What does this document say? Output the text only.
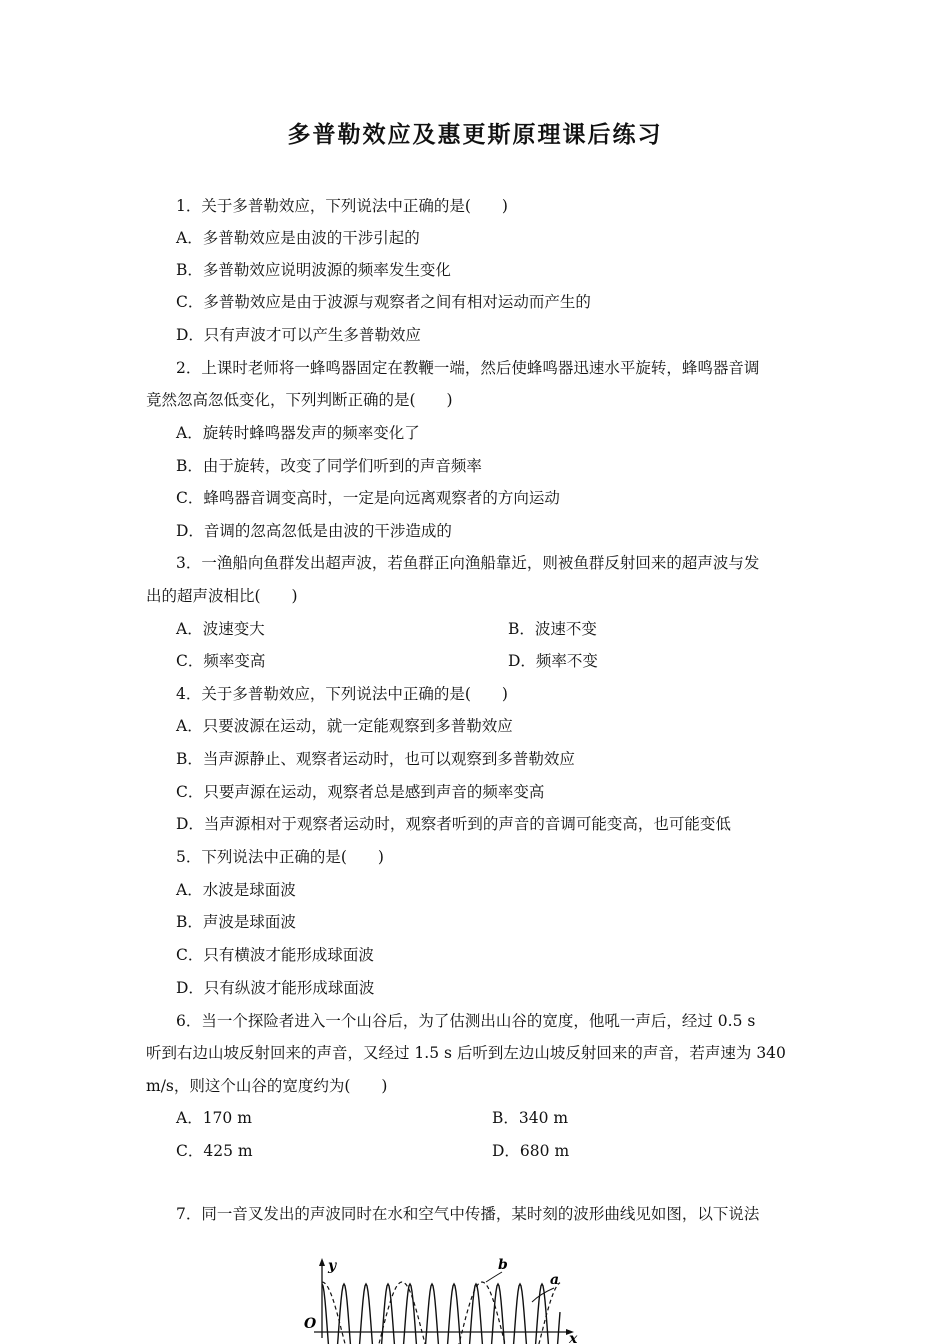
多普勒效应及惠更斯原理课后练习
1．关于多普勒效应，下列说法中正确的是(　　)
A．多普勒效应是由波的干涉引起的
B．多普勒效应说明波源的频率发生变化
C．多普勒效应是由于波源与观察者之间有相对运动而产生的
D．只有声波才可以产生多普勒效应
2．上课时老师将一蜂鸣器固定在教鞭一端，然后使蜂鸣器迅速水平旋转，蜂鸣器音调
竟然忽高忽低变化，下列判断正确的是(　　)
A．旋转时蜂鸣器发声的频率变化了
B．由于旋转，改变了同学们听到的声音频率
C．蜂鸣器音调变高时，一定是向远离观察者的方向运动
D．音调的忽高忽低是由波的干涉造成的
3．一渔船向鱼群发出超声波，若鱼群正向渔船靠近，则被鱼群反射回来的超声波与发
出的超声波相比(　　)
A．波速变大	B．波速不变
C．频率变高	D．频率不变
4．关于多普勒效应，下列说法中正确的是(　　)
A．只要波源在运动，就一定能观察到多普勒效应
B．当声源静止、观察者运动时，也可以观察到多普勒效应
C．只要声源在运动，观察者总是感到声音的频率变高
D．当声源相对于观察者运动时，观察者听到的声音的音调可能变高，也可能变低
5．下列说法中正确的是(　　)
A．水波是球面波
B．声波是球面波
C．只有横波才能形成球面波
D．只有纵波才能形成球面波
6．当一个探险者进入一个山谷后，为了估测出山谷的宽度，他吼一声后，经过 0.5 s
听到右边山坡反射回来的声音，又经过 1.5 s 后听到左边山坡反射回来的声音，若声速为 340
m/s，则这个山谷的宽度约为(　　)
A．170 m	B．340 m
C．425 m	D．680 m
7．同一音叉发出的声波同时在水和空气中传播，某时刻的波形曲线见如图，以下说法
y
O
x
b
a
